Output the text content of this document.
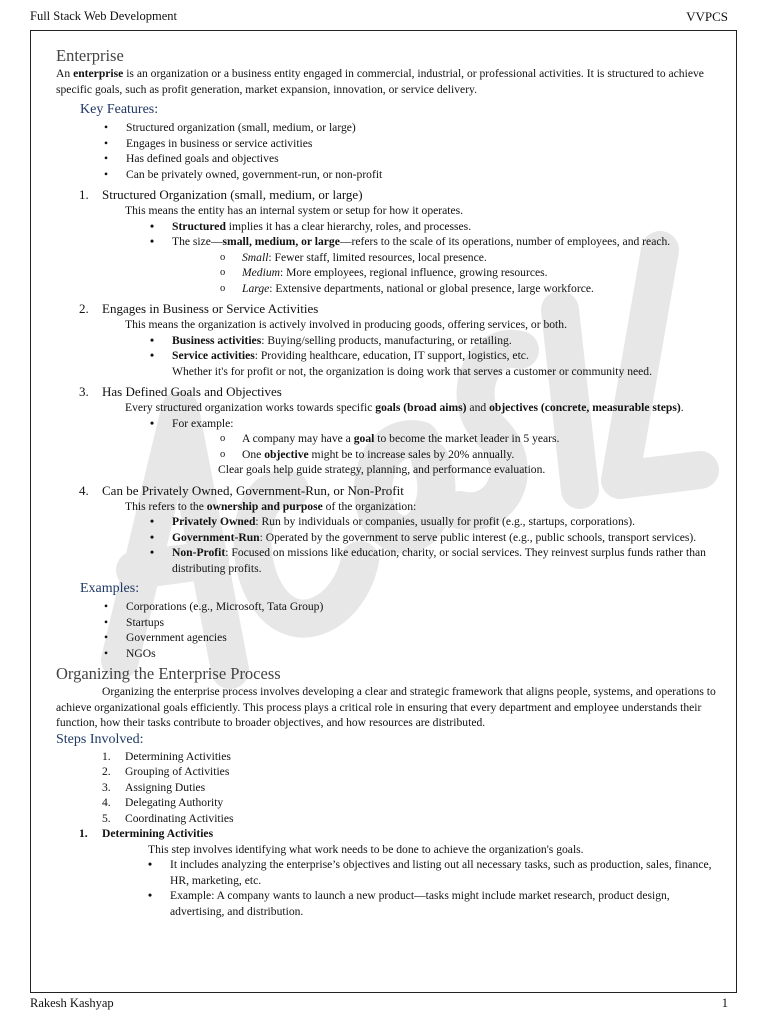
Full Stack Web Development	VVPCS
Enterprise

An enterprise is an organization or a business entity engaged in commercial, industrial, or professional activities. It is structured to achieve specific goals, such as profit generation, market expansion, innovation, or service delivery.

Key Features:
• Structured organization (small, medium, or large)
• Engages in business or service activities
• Has defined goals and objectives
• Can be privately owned, government-run, or non-profit
1. Structured Organization (small, medium, or large)

This means the entity has an internal system or setup for how it operates.

• Structured implies it has a clear hierarchy, roles, and processes.
• The size—small, medium, or large—refers to the scale of its operations, number of employees, and reach.
o Small: Fewer staff, limited resources, local presence.
o Medium: More employees, regional influence, growing resources.
o Large: Extensive departments, national or global presence, large workforce.
2. Engages in Business or Service Activities

This means the organization is actively involved in producing goods, offering services, or both.

• Business activities: Buying/selling products, manufacturing, or retailing.
• Service activities: Providing healthcare, education, IT support, logistics, etc.

Whether it's for profit or not, the organization is doing work that serves a customer or community need.

3. Has Defined Goals and Objectives

Every structured organization works towards specific goals (broad aims) and objectives (concrete, measurable steps).

• For example:
o A company may have a goal to become the market leader in 5 years.
o One objective might be to increase sales by 20% annually.

Clear goals help guide strategy, planning, and performance evaluation.

4. Can be Privately Owned, Government-Run, or Non-Profit

This refers to the ownership and purpose of the organization:

• Privately Owned: Run by individuals or companies, usually for profit (e.g., startups, corporations).
• Government-Run: Operated by the government to serve public interest (e.g., public schools, transport services).
• Non-Profit: Focused on missions like education, charity, or social services. They reinvest surplus funds rather than distributing profits.
Examples:
• Corporations (e.g., Microsoft, Tata Group)
• Startups
• Government agencies
• NGOs
Organizing the Enterprise Process

Organizing the enterprise process involves developing a clear and strategic framework that aligns people, systems, and operations to achieve organizational goals efficiently. This process plays a critical role in ensuring that every department and employee understands their function, how their tasks contribute to broader objectives, and how resources are distributed.

Steps Involved:
1. Determining Activities
2. Grouping of Activities
3. Assigning Duties
4. Delegating Authority
5. Coordinating Activities
1. Determining Activities

This step involves identifying what work needs to be done to achieve the organization's goals.

• It includes analyzing the enterprise’s objectives and listing out all necessary tasks, such as production, sales, finance, HR, marketing, etc.
• Example: A company wants to launch a new product—tasks might include market research, product design, advertising, and distribution.
Rakesh Kashyap	1
